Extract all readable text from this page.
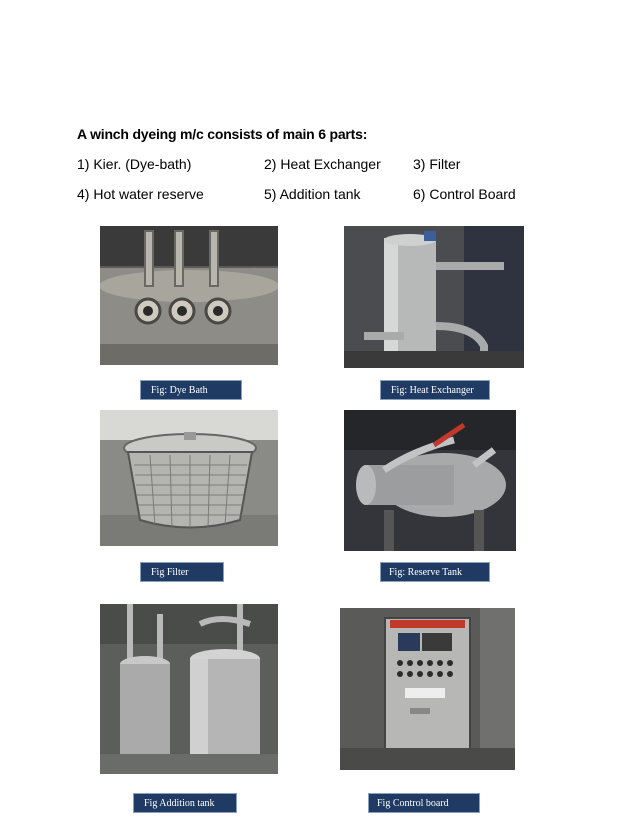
A winch dyeing m/c consists of main 6 parts:
1) Kier. (Dye-bath)	2) Heat Exchanger 3) Filter
4) Hot water reserve	5) Addition tank	6) Control Board
Fig: Dye Bath	Fig: Heat Exchanger
Fig Filter	Fig: Reserve Tank
Fig Addition tank	Fig Control board
